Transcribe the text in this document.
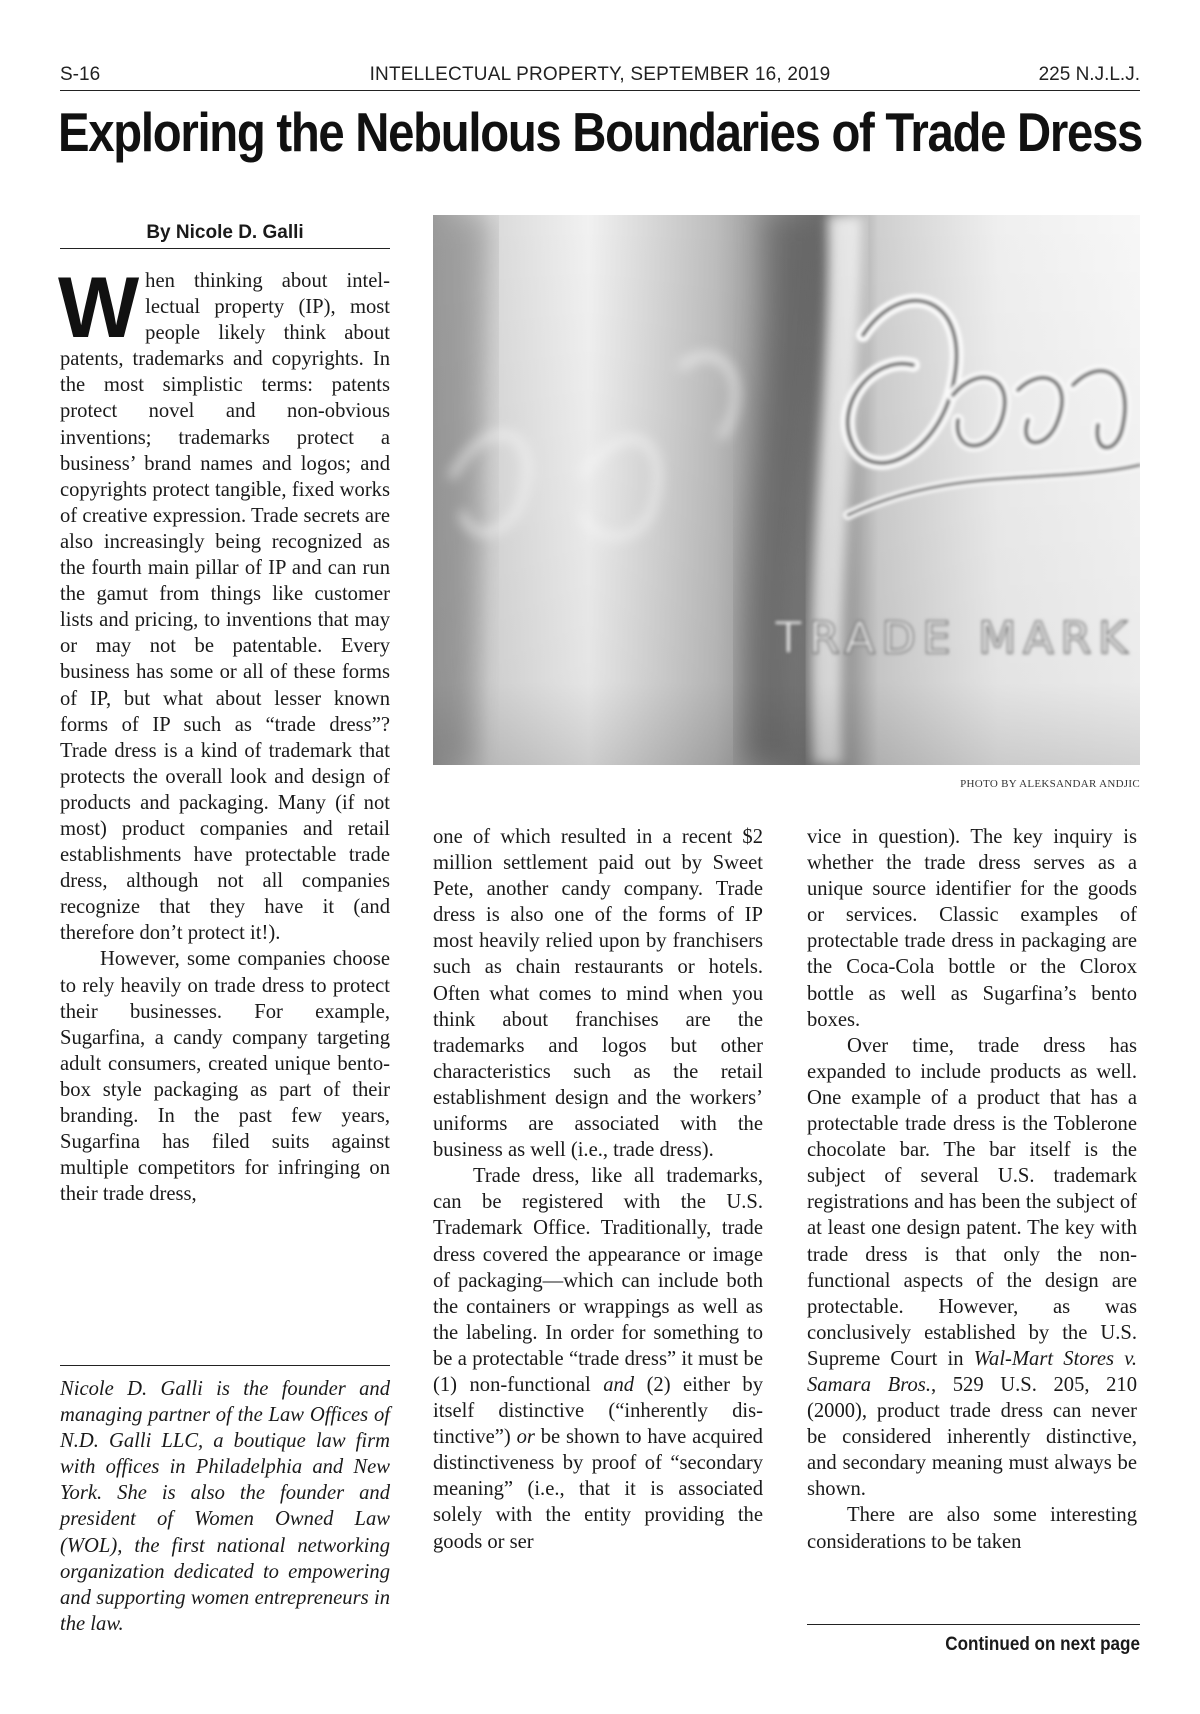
S-16	INTELLECTUAL PROPERTY, SEPTEMBER 16, 2019	225 N.J.L.J.
Exploring the Nebulous Boundaries of Trade Dress
By Nicole D. Galli

When thinking about intellectual property (IP), most people likely think about patents, trademarks and copyrights. In the most simplistic terms: patents protect novel and non-obvious inventions; trademarks protect a business’ brand names and logos; and copyrights protect tangible, fixed works of creative expression. Trade secrets are also increasingly being recognized as the fourth main pillar of IP and can run the gamut from things like customer lists and pricing, to inventions that may or may not be patentable. Every business has some or all of these forms of IP, but what about lesser known forms of IP such as “trade dress”? Trade dress is a kind of trademark that protects the overall look and design of products and packaging. Many (if not most) product companies and retail establishments have protectable trade dress, although not all companies recognize that they have it (and therefore don’t protect it!).

However, some companies choose to rely heavily on trade dress to protect their businesses. For example, Sugarfina, a candy company targeting adult consumers, created unique bento-box style packaging as part of their branding. In the past few years, Sugarfina has filed suits against multiple competitors for infringing on their trade dress,

Nicole D. Galli is the founder and managing partner of the Law Offices of N.D. Galli LLC, a boutique law firm with offices in Philadelphia and New York. She is also the founder and president of Women Owned Law (WOL), the first national networking organization dedicated to empowering and supporting women entrepreneurs in the law.
PHOTO BY ALEKSANDAR ANDJIC

one of which resulted in a recent $2 million settlement paid out by Sweet Pete, another candy company. Trade dress is also one of the forms of IP most heavily relied upon by franchisers such as chain restaurants or hotels. Often what comes to mind when you think about franchises are the trademarks and logos but other characteristics such as the retail establishment design and the workers’ uniforms are associated with the business as well (i.e., trade dress).

Trade dress, like all trademarks, can be registered with the U.S. Trademark Office. Traditionally, trade dress covered the appearance or image of packaging—which can include both the containers or wrappings as well as the labeling. In order for something to be a protectable “trade dress” it must be (1) non-functional and (2) either by itself distinctive (“inherently distinctive”) or be shown to have acquired distinctiveness by proof of “secondary meaning” (i.e., that it is associated solely with the entity providing the goods or ser

vice in question). The key inquiry is whether the trade dress serves as a unique source identifier for the goods or services. Classic examples of protectable trade dress in packaging are the Coca-Cola bottle or the Clorox bottle as well as Sugarfina’s bento boxes.

Over time, trade dress has expanded to include products as well. One example of a product that has a protectable trade dress is the Toblerone chocolate bar. The bar itself is the subject of several U.S. trademark registrations and has been the subject of at least one design patent. The key with trade dress is that only the non-functional aspects of the design are protectable. However, as was conclusively established by the U.S. Supreme Court in Wal-Mart Stores v. Samara Bros., 529 U.S. 205, 210 (2000), product trade dress can never be considered inherently distinctive, and secondary meaning must always be shown.

There are also some interesting considerations to be taken

Continued on next page
